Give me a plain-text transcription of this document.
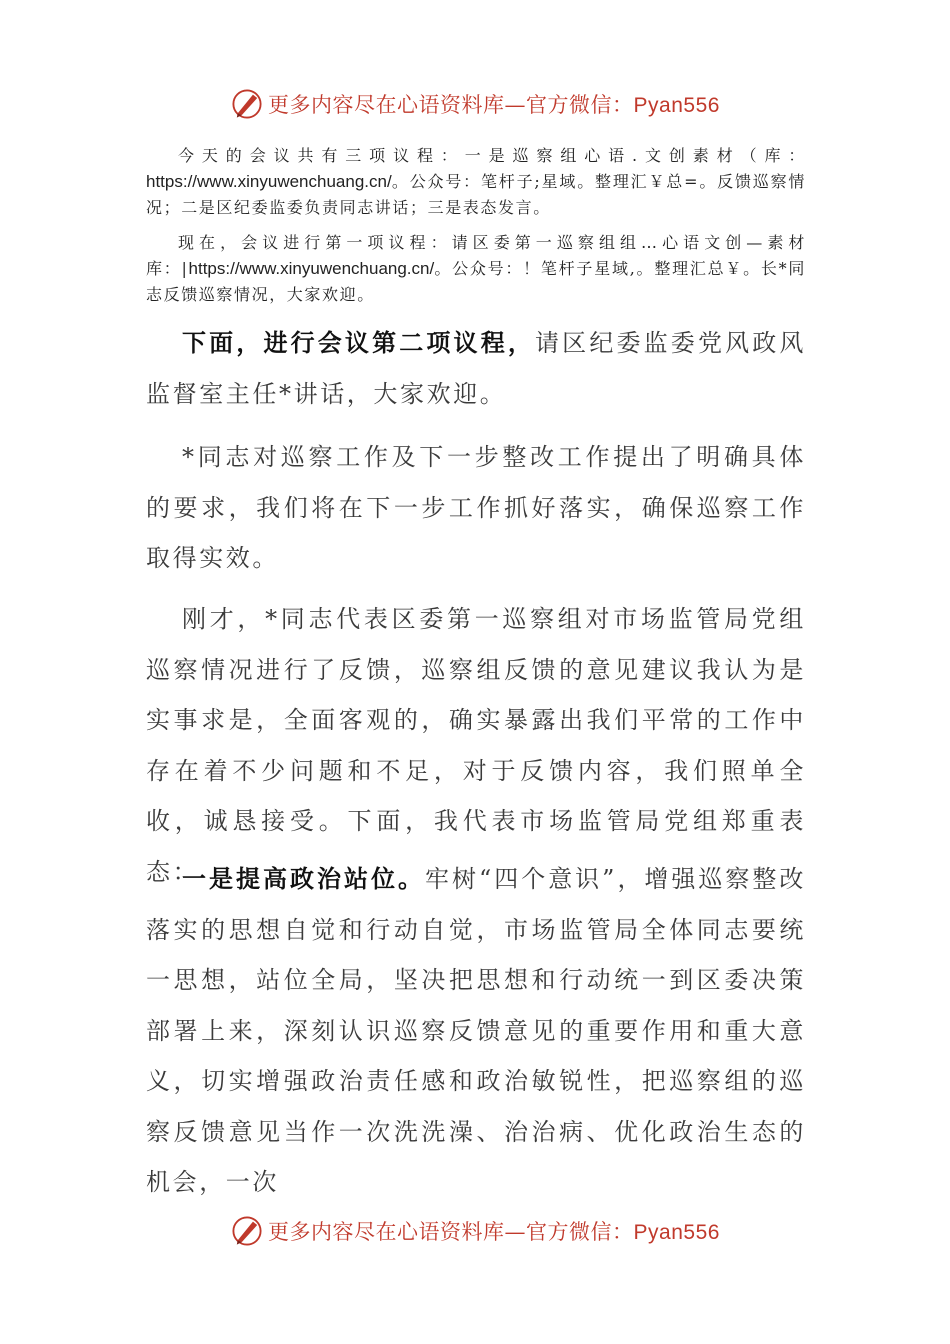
更多内容尽在心语资料库—官方微信：Pyan556

今天的会议共有三项议程：一是巡察组心语.文创素材（库：https://www.xinyuwenchuang.cn/。公众号：笔杆子;星域。整理汇￥总=。反馈巡察情况；二是区纪委监委负责同志讲话；三是表态发言。

现在，会议进行第一项议程：请区委第一巡察组组…心语文创—素材库：|https://www.xinyuwenchuang.cn/。公众号：！笔杆子星域,。整理汇总￥。长*同志反馈巡察情况，大家欢迎。

下面，进行会议第二项议程，请区纪委监委党风政风监督室主任*讲话，大家欢迎。

*同志对巡察工作及下一步整改工作提出了明确具体的要求，我们将在下一步工作抓好落实，确保巡察工作取得实效。

刚才，*同志代表区委第一巡察组对市场监管局党组巡察情况进行了反馈，巡察组反馈的意见建议我认为是实事求是，全面客观的，确实暴露出我们平常的工作中存在着不少问题和不足，对于反馈内容，我们照单全收，诚恳接受。下面，我代表市场监管局党组郑重表态：

一是提高政治站位。牢树“四个意识”，增强巡察整改落实的思想自觉和行动自觉，市场监管局全体同志要统一思想，站位全局，坚决把思想和行动统一到区委决策部署上来，深刻认识巡察反馈意见的重要作用和重大意义，切实增强政治责任感和政治敏锐性，把巡察组的巡察反馈意见当作一次洗洗澡、治治病、优化政治生态的机会，一次

更多内容尽在心语资料库—官方微信：Pyan556
